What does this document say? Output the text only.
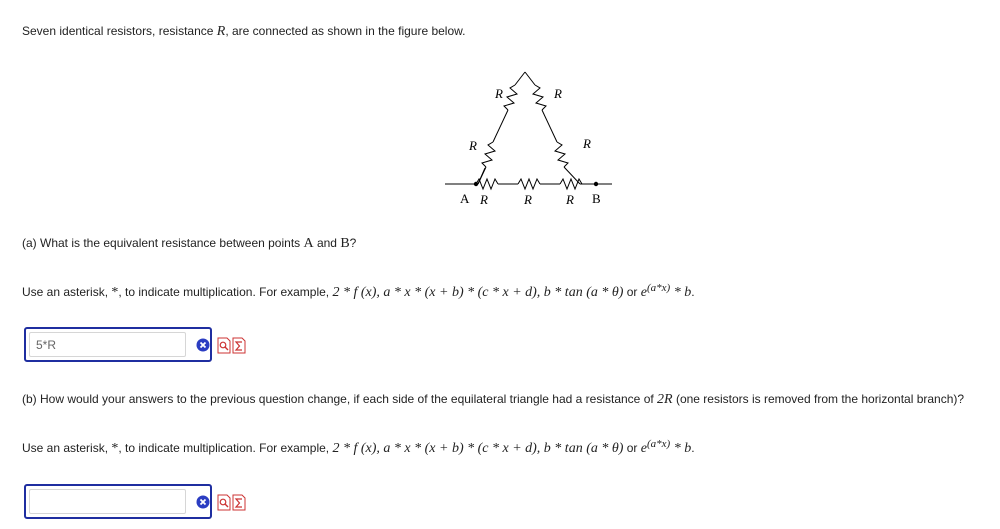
Seven identical resistors, resistance R, are connected as shown in the figure below.

R	R
R	R
R	R	R
A	B

(a) What is the equivalent resistance between points A and B?

Use an asterisk, *, to indicate multiplication. For example, 2 * f (x), a * x * (x + b) * (c * x + d), b * tan (a * θ) or $e^{(a*x)}$ * b.

5*R

(b) How would your answers to the previous question change, if each side of the equilateral triangle had a resistance of 2R (one resistors is removed from the horizontal branch)?

Use an asterisk, *, to indicate multiplication. For example, 2 * f (x), a * x * (x + b) * (c * x + d), b * tan (a * θ) or $e^{(a*x)}$ * b.
